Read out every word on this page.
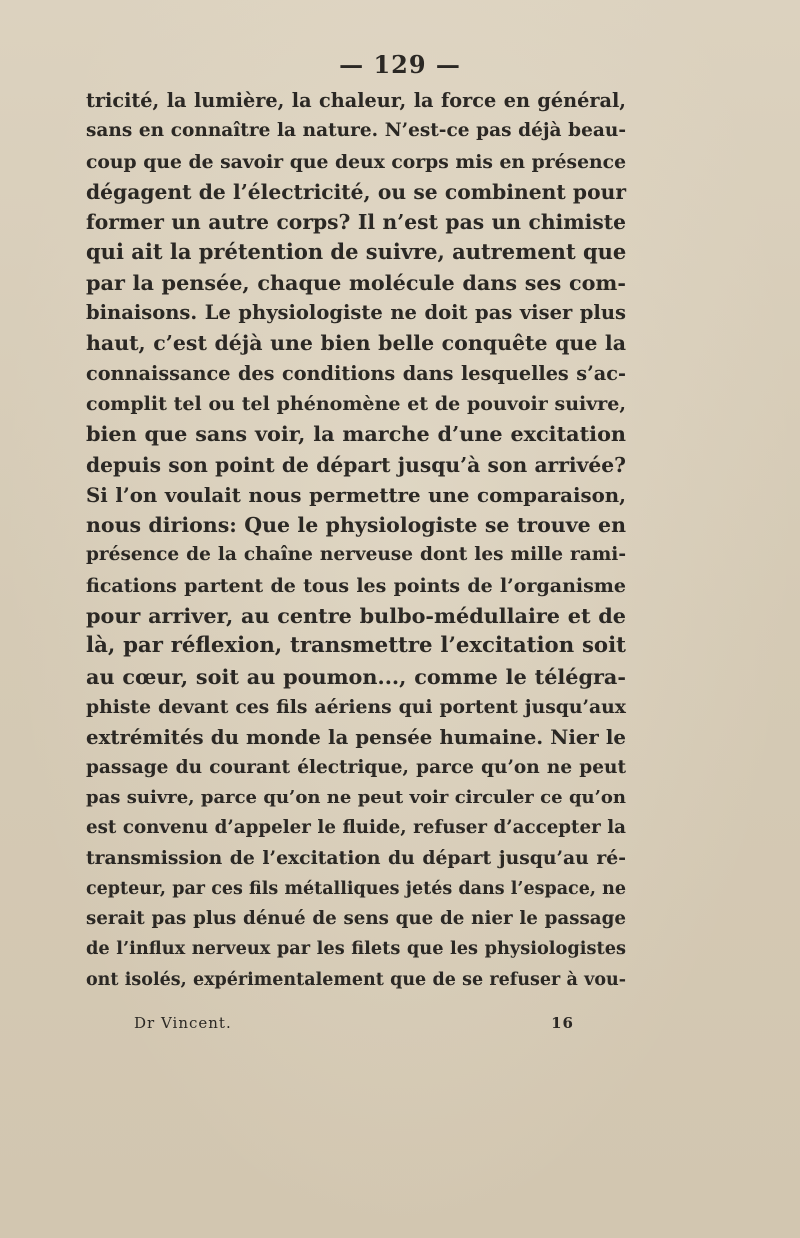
— 129 —
tricité, la lumière, la chaleur, la force en général,
sans en connaître la nature. N’est-ce pas déjà beau-
coup que de savoir que deux corps mis en présence
dégagent de l’électricité, ou se combinent pour
former un autre corps? Il n’est pas un chimiste
qui ait la prétention de suivre, autrement que
par la pensée, chaque molécule dans ses com-
binaisons. Le physiologiste ne doit pas viser plus
haut, c’est déjà une bien belle conquête que la
connaissance des conditions dans lesquelles s’ac-
complit tel ou tel phénomène et de pouvoir suivre,
bien que sans voir, la marche d’une excitation
depuis son point de départ jusqu’à son arrivée?
Si l’on voulait nous permettre une comparaison,
nous dirions: Que le physiologiste se trouve en
présence de la chaîne nerveuse dont les mille rami-
fications partent de tous les points de l’organisme
pour arriver, au centre bulbo-médullaire et de
là, par réflexion, transmettre l’excitation soit
au cœur, soit au poumon..., comme le télégra-
phiste devant ces fils aériens qui portent jusqu’aux
extrémités du monde la pensée humaine. Nier le
passage du courant électrique, parce qu’on ne peut
pas suivre, parce qu’on ne peut voir circuler ce qu’on
est convenu d’appeler le fluide, refuser d’accepter la
transmission de l’excitation du départ jusqu’au ré-
cepteur, par ces fils métalliques jetés dans l’espace, ne
serait pas plus dénué de sens que de nier le passage
de l’influx nerveux par les filets que les physiologistes
ont isolés, expérimentalement que de se refuser à vou-
Dr Vincent.	16
